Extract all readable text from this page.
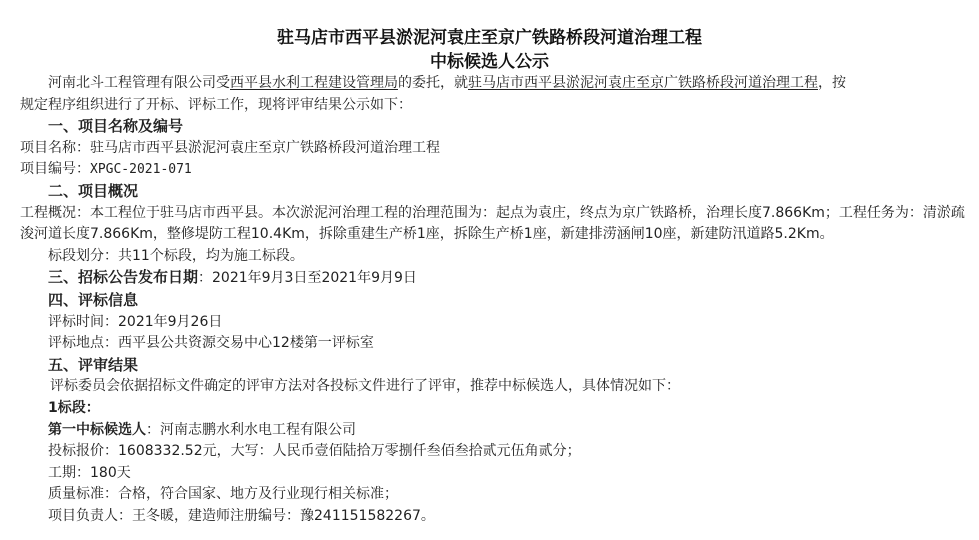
驻马店市西平县淤泥河袁庄至京广铁路桥段河道治理工程
中标候选人公示

河南北斗工程管理有限公司受西平县水利工程建设管理局的委托，就驻马店市西平县淤泥河袁庄至京广铁路桥段河道治理工程，按

规定程序组织进行了开标、评标工作，现将评审结果公示如下：

一、项目名称及编号

项目名称：驻马店市西平县淤泥河袁庄至京广铁路桥段河道治理工程

项目编号：XPGC-2021-071

二、项目概况

工程概况：本工程位于驻马店市西平县。本次淤泥河治理工程的治理范围为：起点为袁庄，终点为京广铁路桥，治理长度7.866Km；工程任务为：清淤疏浚河道长度7.866Km，整修堤防工程10.4Km，拆除重建生产桥1座，拆除生产桥1座，新建排涝涵闸10座，新建防汛道路5.2Km。

标段划分：共11个标段，均为施工标段。

三、招标公告发布日期：2021年9月3日至2021年9月9日

四、评标信息

评标时间：2021年9月26日

评标地点：西平县公共资源交易中心12楼第一评标室

五、评审结果

评标委员会依据招标文件确定的评审方法对各投标文件进行了评审，推荐中标候选人，具体情况如下：

1标段：

第一中标候选人：河南志鹏水利水电工程有限公司

投标报价：1608332.52元，大写：人民币壹佰陆拾万零捌仟叁佰叁拾贰元伍角贰分；

工期：180天

质量标准：合格，符合国家、地方及行业现行相关标准；

项目负责人：王冬暖，建造师注册编号：豫241151582267。
